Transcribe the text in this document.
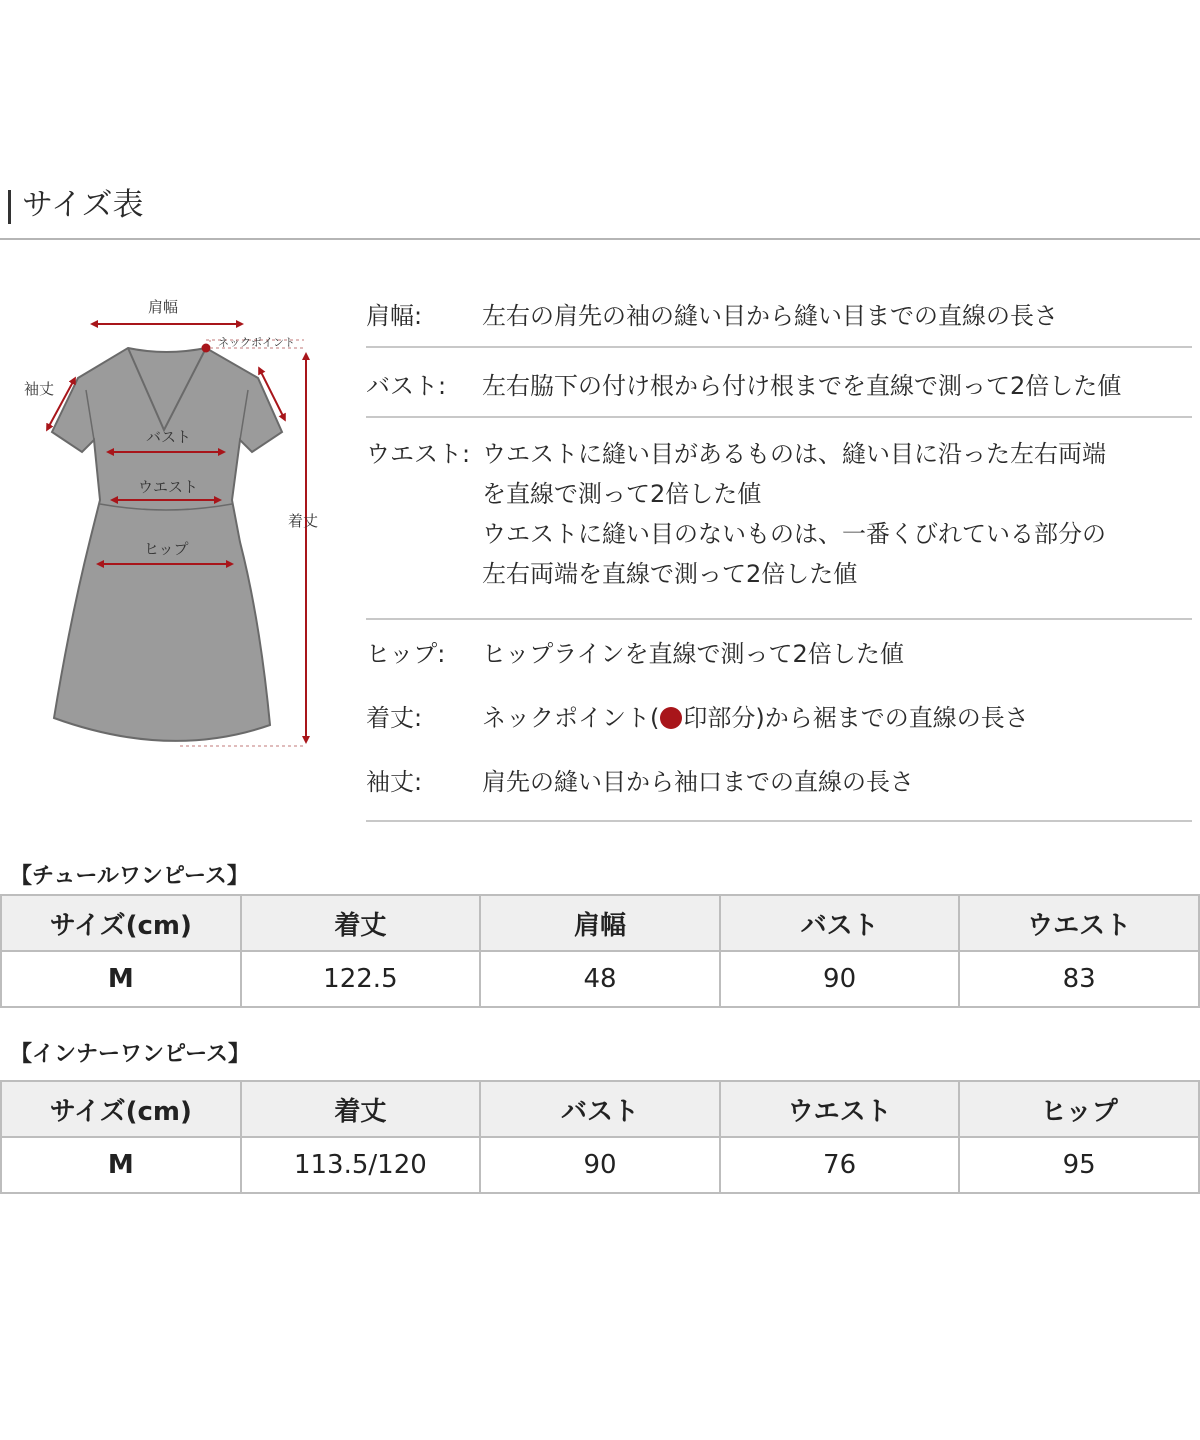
サイズ表
肩幅
ネックポイント
袖丈
バスト
ウエスト
着丈
ヒップ
肩幅: 左右の肩先の袖の縫い目から縫い目までの直線の長さ
バスト: 左右脇下の付け根から付け根までを直線で測って2倍した値
ウエスト: ウエストに縫い目があるものは、縫い目に沿った左右両端
を直線で測って2倍した値
ウエストに縫い目のないものは、一番くびれている部分の
左右両端を直線で測って2倍した値
ヒップ: ヒップラインを直線で測って2倍した値
着丈: ネックポイント( 印部分)から裾までの直線の長さ
袖丈: 肩先の縫い目から袖口までの直線の長さ
【チュールワンピース】
サイズ(cm)	着丈	肩幅	バスト	ウエスト
M	122.5	48	90	83
【インナーワンピース】
サイズ(cm)	着丈	バスト	ウエスト	ヒップ
M	113.5/120	90	76	95
